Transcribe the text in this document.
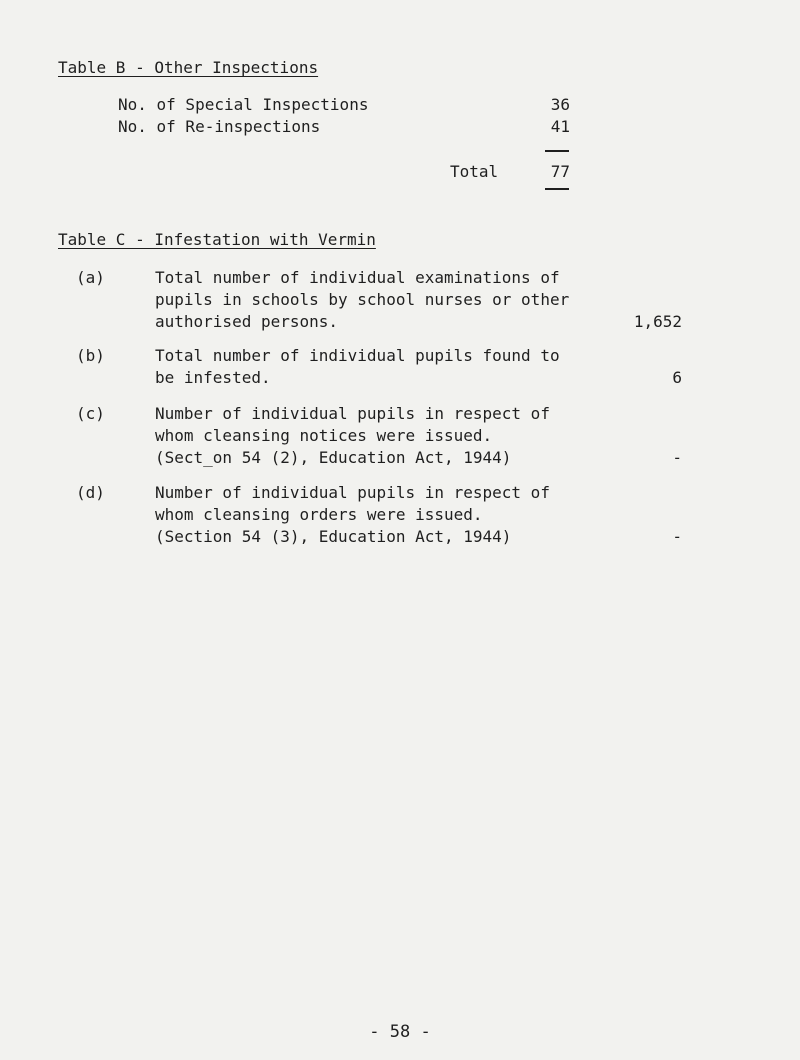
Table B - Other Inspections
No. of Special Inspections	36
No. of Re-inspections	41
Total	77
Table C - Infestation with Vermin
(a)	Total number of individual examinations of
pupils in schools by school nurses or other
authorised persons.	1,652
(b)	Total number of individual pupils found to
be infested.	6
(c)	Number of individual pupils in respect of
whom cleansing notices were issued.
(Sect_on 54 (2), Education Act, 1944)	-
(d)	Number of individual pupils in respect of
whom cleansing orders were issued.
(Section 54 (3), Education Act, 1944)	-
- 58 -
